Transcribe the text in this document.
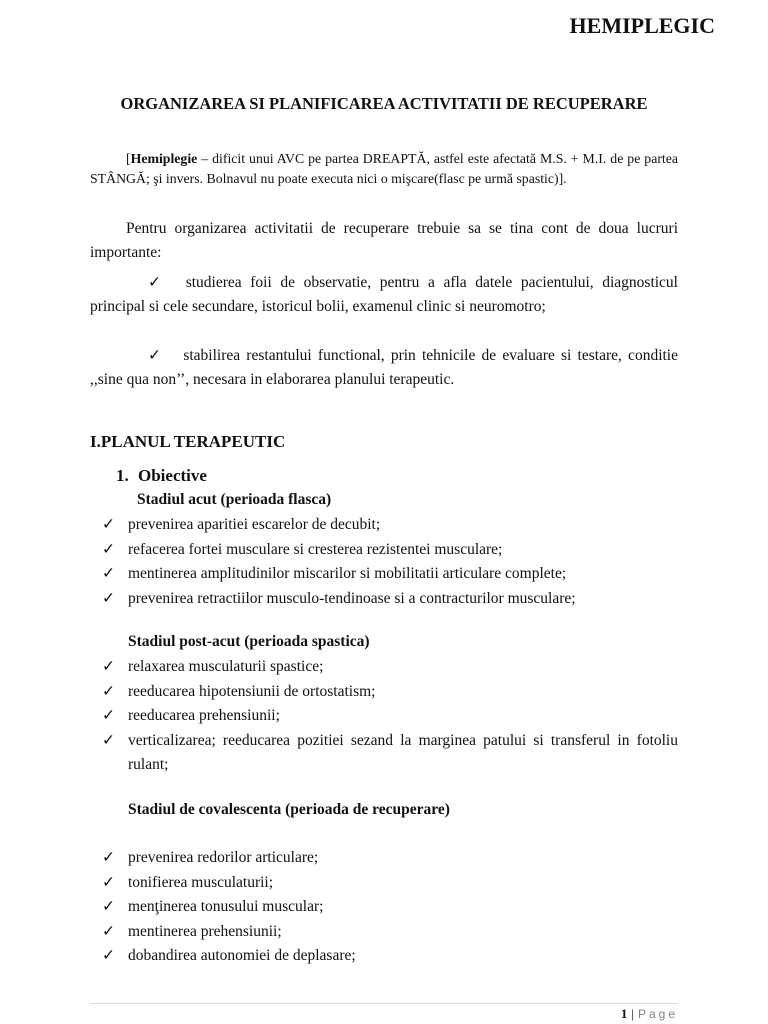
HEMIPLEGIC
ORGANIZAREA SI PLANIFICAREA ACTIVITATII DE RECUPERARE
[Hemiplegie – dificit unui AVC pe partea DREAPTĂ, astfel este afectată M.S. + M.I. de pe partea STÂNGĂ; şi invers. Bolnavul nu poate executa nici o mişcare(flasc pe urmă spastic)].
Pentru organizarea activitatii de recuperare trebuie sa se tina cont de doua lucruri importante:
✓ studierea foii de observatie, pentru a afla datele pacientului, diagnosticul principal si cele secundare, istoricul bolii, examenul clinic si neuromotro;
✓ stabilirea restantului functional, prin tehnicile de evaluare si testare, conditie ,,sine qua non’’, necesara in elaborarea planului terapeutic.
I.PLANUL TERAPEUTIC
1. Obiective
Stadiul acut (perioada flasca)
✓ prevenirea aparitiei escarelor de decubit;
✓ refacerea fortei musculare si cresterea rezistentei musculare;
✓ mentinerea amplitudinilor miscarilor si mobilitatii articulare complete;
✓ prevenirea retractiilor musculo-tendinoase si a contracturilor musculare;
Stadiul post-acut (perioada spastica)
✓ relaxarea musculaturii spastice;
✓ reeducarea hipotensiunii de ortostatism;
✓ reeducarea prehensiunii;
✓ verticalizarea; reeducarea pozitiei sezand la marginea patului si transferul in fotoliu rulant;
Stadiul de covalescenta (perioada de recuperare)
✓ prevenirea redorilor articulare;
✓ tonifierea musculaturii;
✓ menţinerea tonusului muscular;
✓ mentinerea prehensiunii;
✓ dobandirea autonomiei de deplasare;
1 | Page
